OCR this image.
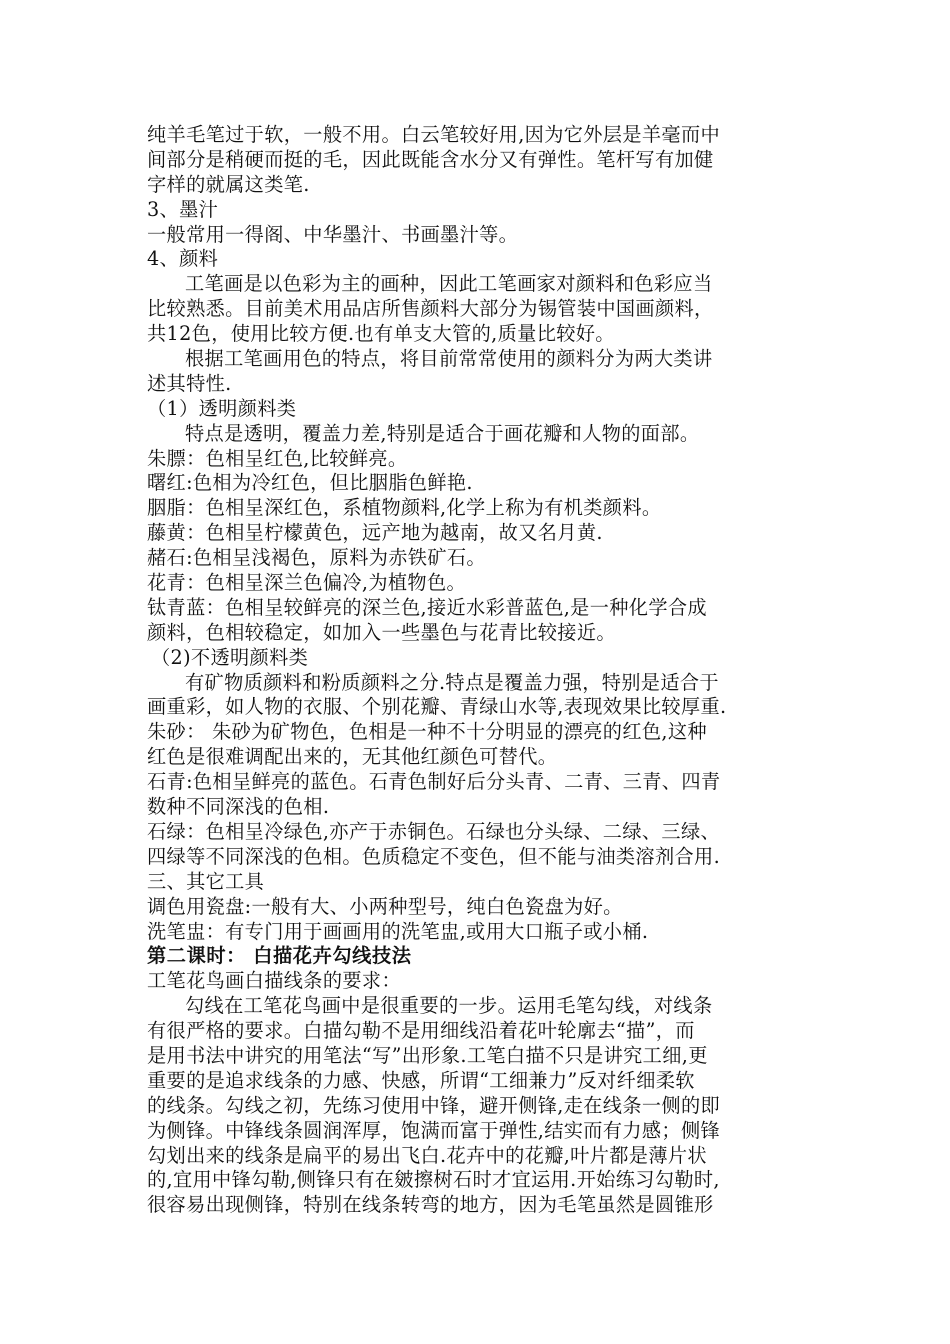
纯羊毛笔过于软，一般不用。白云笔较好用,因为它外层是羊毫而中
间部分是稍硬而挺的毛，因此既能含水分又有弹性。笔杆写有加健
字样的就属这类笔.
3、墨汁
一般常用一得阁、中华墨汁、书画墨汁等。
4、颜料
工笔画是以色彩为主的画种，因此工笔画家对颜料和色彩应当
比较熟悉。目前美术用品店所售颜料大部分为锡管装中国画颜料，
共12色，使用比较方便.也有单支大管的,质量比较好。
根据工笔画用色的特点，将目前常常使用的颜料分为两大类讲
述其特性.
（1）透明颜料类
特点是透明，覆盖力差,特别是适合于画花瓣和人物的面部。
朱膘：色相呈红色,比较鲜亮。
曙红:色相为冷红色，但比胭脂色鲜艳.
胭脂：色相呈深红色，系植物颜料,化学上称为有机类颜料。
藤黄：色相呈柠檬黄色，远产地为越南，故又名月黄.
赭石:色相呈浅褐色，原料为赤铁矿石。
花青：色相呈深兰色偏冷,为植物色。
钛青蓝：色相呈较鲜亮的深兰色,接近水彩普蓝色,是一种化学合成
颜料，色相较稳定，如加入一些墨色与花青比较接近。
（2)不透明颜料类
有矿物质颜料和粉质颜料之分.特点是覆盖力强，特别是适合于
画重彩，如人物的衣服、个别花瓣、青绿山水等,表现效果比较厚重.
朱砂： 朱砂为矿物色，色相是一种不十分明显的漂亮的红色,这种
红色是很难调配出来的，无其他红颜色可替代。
石青:色相呈鲜亮的蓝色。石青色制好后分头青、二青、三青、四青
数种不同深浅的色相.
石绿：色相呈冷绿色,亦产于赤铜色。石绿也分头绿、二绿、三绿、
四绿等不同深浅的色相。色质稳定不变色，但不能与油类溶剂合用.
三、其它工具
调色用瓷盘:一般有大、小两种型号，纯白色瓷盘为好。
洗笔盅：有专门用于画画用的洗笔盅,或用大口瓶子或小桶.
第二课时： 白描花卉勾线技法
工笔花鸟画白描线条的要求：
勾线在工笔花鸟画中是很重要的一步。运用毛笔勾线，对线条
有很严格的要求。白描勾勒不是用细线沿着花叶轮廓去“描”，而
是用书法中讲究的用笔法“写”出形象.工笔白描不只是讲究工细,更
重要的是追求线条的力感、快感，所谓“工细兼力”反对纤细柔软
的线条。勾线之初，先练习使用中锋，避开侧锋,走在线条一侧的即
为侧锋。中锋线条圆润浑厚，饱满而富于弹性,结实而有力感；侧锋
勾划出来的线条是扁平的易出飞白.花卉中的花瓣,叶片都是薄片状
的,宜用中锋勾勒,侧锋只有在皴擦树石时才宜运用.开始练习勾勒时,
很容易出现侧锋，特别在线条转弯的地方，因为毛笔虽然是圆锥形
